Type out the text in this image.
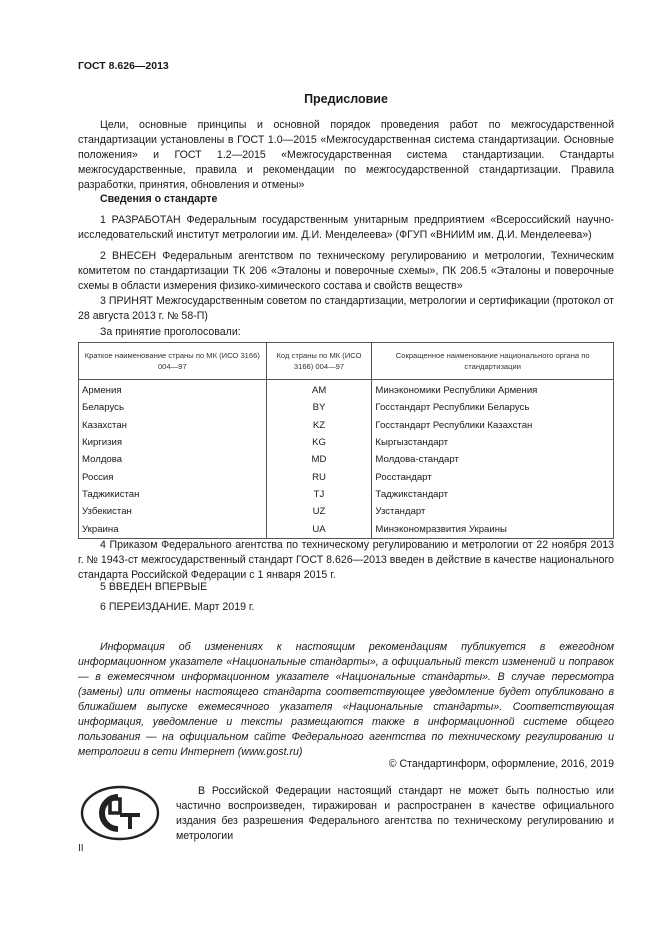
ГОСТ 8.626—2013
Предисловие

Цели, основные принципы и основной порядок проведения работ по межгосударственной стандартизации установлены в ГОСТ 1.0—2015 «Межгосударственная система стандартизации. Основные положения» и ГОСТ 1.2—2015 «Межгосударственная система стандартизации. Стандарты межгосударственные, правила и рекомендации по межгосударственной стандартизации. Правила разработки, принятия, обновления и отмены»

Сведения о стандарте

1 РАЗРАБОТАН Федеральным государственным унитарным предприятием «Всероссийский научно-исследовательский институт метрологии им. Д.И. Менделеева» (ФГУП «ВНИИМ им. Д.И. Менделеева»)

2 ВНЕСЕН Федеральным агентством по техническому регулированию и метрологии, Техническим комитетом по стандартизации ТК 206 «Эталоны и поверочные схемы», ПК 206.5 «Эталоны и поверочные схемы в области измерения физико-химического состава и свойств веществ»

3 ПРИНЯТ Межгосударственным советом по стандартизации, метрологии и сертификации (протокол от 28 августа 2013 г. № 58-П)

За принятие проголосовали:
Краткое наименование страны по МК (ИСО 3166) 004—97	Код страны по МК (ИСО 3166) 004—97	Сокращенное наименование национального органа по стандартизации
Армения	AM	Минэкономики Республики Армения
Беларусь	BY	Госстандарт Республики Беларусь
Казахстан	KZ	Госстандарт Республики Казахстан
Киргизия	KG	Кыргызстандарт
Молдова	MD	Молдова-стандарт
Россия	RU	Росстандарт
Таджикистан	TJ	Таджикстандарт
Узбекистан	UZ	Узстандарт
Украина	UA	Минэкономразвития Украины

4 Приказом Федерального агентства по техническому регулированию и метрологии от 22 ноября 2013 г. № 1943-ст межгосударственный стандарт ГОСТ 8.626—2013 введен в действие в качестве национального стандарта Российской Федерации с 1 января 2015 г.

5 ВВЕДЕН ВПЕРВЫЕ
6 ПЕРЕИЗДАНИЕ. Март 2019 г.

Информация об изменениях к настоящим рекомендациям публикуется в ежегодном информационном указателе «Национальные стандарты», а официальный текст изменений и поправок — в ежемесячном информационном указателе «Национальные стандарты». В случае пересмотра (замены) или отмены настоящего стандарта соответствующее уведомление будет опубликовано в ближайшем выпуске ежемесячного указателя «Национальные стандарты». Соответствующая информация, уведомление и тексты размещаются также в информационной системе общего пользования — на официальном сайте Федерального агентства по техническому регулированию и метрологии в сети Интернет (www.gost.ru)

© Стандартинформ, оформление, 2016, 2019

В Российской Федерации настоящий стандарт не может быть полностью или частично воспроизведен, тиражирован и распространен в качестве официального издания без разрешения Федерального агентства по техническому регулированию и метрологии

II
